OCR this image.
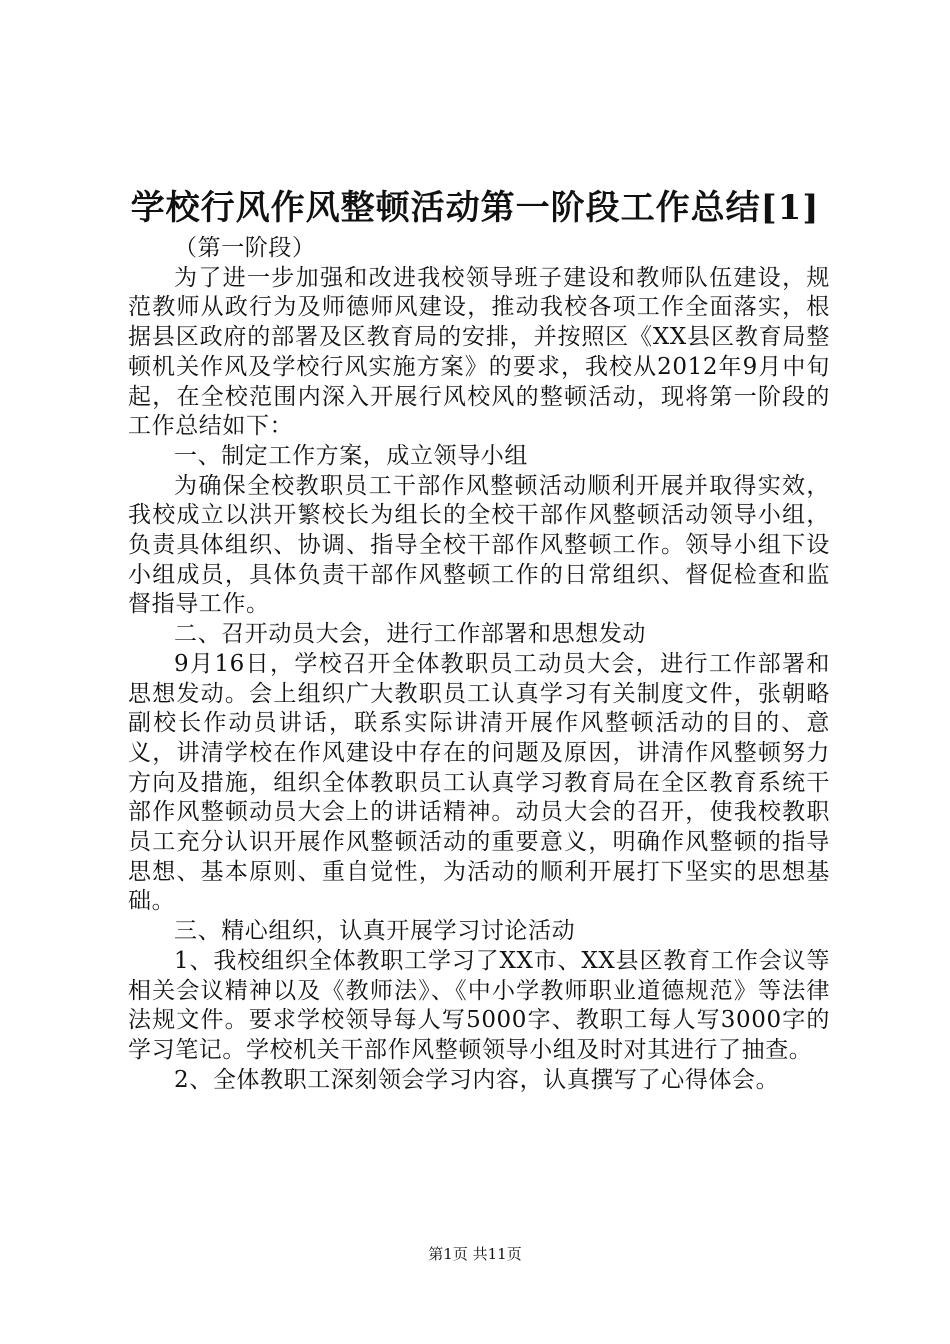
学校行风作风整顿活动第一阶段工作总结[1]

（第一阶段）

为了进一步加强和改进我校领导班子建设和教师队伍建设，规范教师从政行为及师德师风建设，推动我校各项工作全面落实，根据县区政府的部署及区教育局的安排，并按照区《XX县区教育局整顿机关作风及学校行风实施方案》的要求，我校从2012年9月中旬起，在全校范围内深入开展行风校风的整顿活动，现将第一阶段的工作总结如下：

一、制定工作方案，成立领导小组

为确保全校教职员工干部作风整顿活动顺利开展并取得实效，我校成立以洪开繁校长为组长的全校干部作风整顿活动领导小组，负责具体组织、协调、指导全校干部作风整顿工作。领导小组下设小组成员，具体负责干部作风整顿工作的日常组织、督促检查和监督指导工作。

二、召开动员大会，进行工作部署和思想发动

9月16日，学校召开全体教职员工动员大会，进行工作部署和思想发动。会上组织广大教职员工认真学习有关制度文件，张朝略副校长作动员讲话，联系实际讲清开展作风整顿活动的目的、意义，讲清学校在作风建设中存在的问题及原因，讲清作风整顿努力方向及措施，组织全体教职员工认真学习教育局在全区教育系统干部作风整顿动员大会上的讲话精神。动员大会的召开，使我校教职员工充分认识开展作风整顿活动的重要意义，明确作风整顿的指导思想、基本原则、重自觉性，为活动的顺利开展打下坚实的思想基础。

三、精心组织，认真开展学习讨论活动

1、我校组织全体教职工学习了XX市、XX县区教育工作会议等相关会议精神以及《教师法》、《中小学教师职业道德规范》等法律法规文件。要求学校领导每人写5000字、教职工每人写3000字的学习笔记。学校机关干部作风整顿领导小组及时对其进行了抽查。

2、全体教职工深刻领会学习内容，认真撰写了心得体会。

第1页 共11页
